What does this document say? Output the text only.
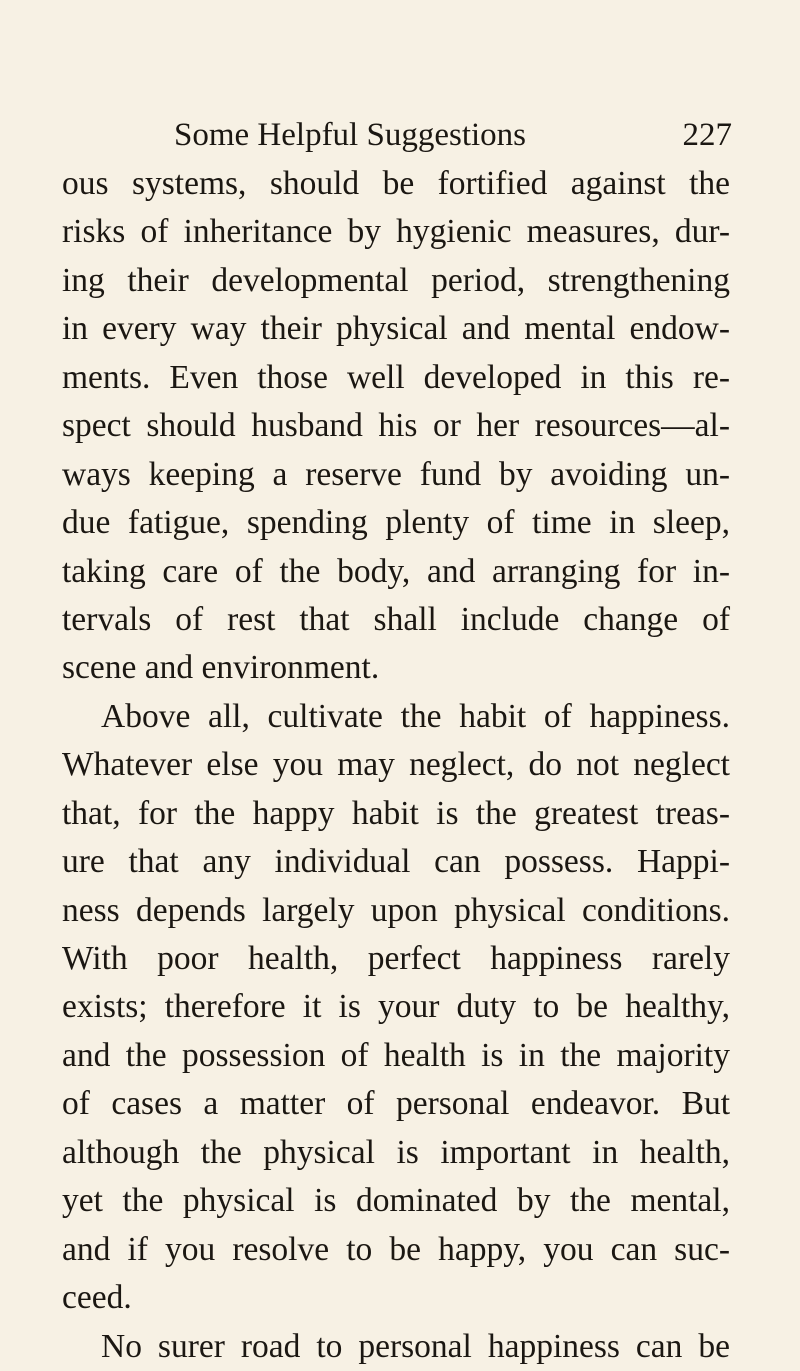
Some Helpful Suggestions	227
ous systems, should be fortified against the
risks of inheritance by hygienic measures, dur-
ing their developmental period, strengthening
in every way their physical and mental endow-
ments. Even those well developed in this re-
spect should husband his or her resources—al-
ways keeping a reserve fund by avoiding un-
due fatigue, spending plenty of time in sleep,
taking care of the body, and arranging for in-
tervals of rest that shall include change of
scene and environment.
Above all, cultivate the habit of happiness.
Whatever else you may neglect, do not neglect
that, for the happy habit is the greatest treas-
ure that any individual can possess. Happi-
ness depends largely upon physical conditions.
With poor health, perfect happiness rarely
exists; therefore it is your duty to be healthy,
and the possession of health is in the majority
of cases a matter of personal endeavor. But
although the physical is important in health,
yet the physical is dominated by the mental,
and if you resolve to be happy, you can suc-
ceed.
No surer road to personal happiness can be
